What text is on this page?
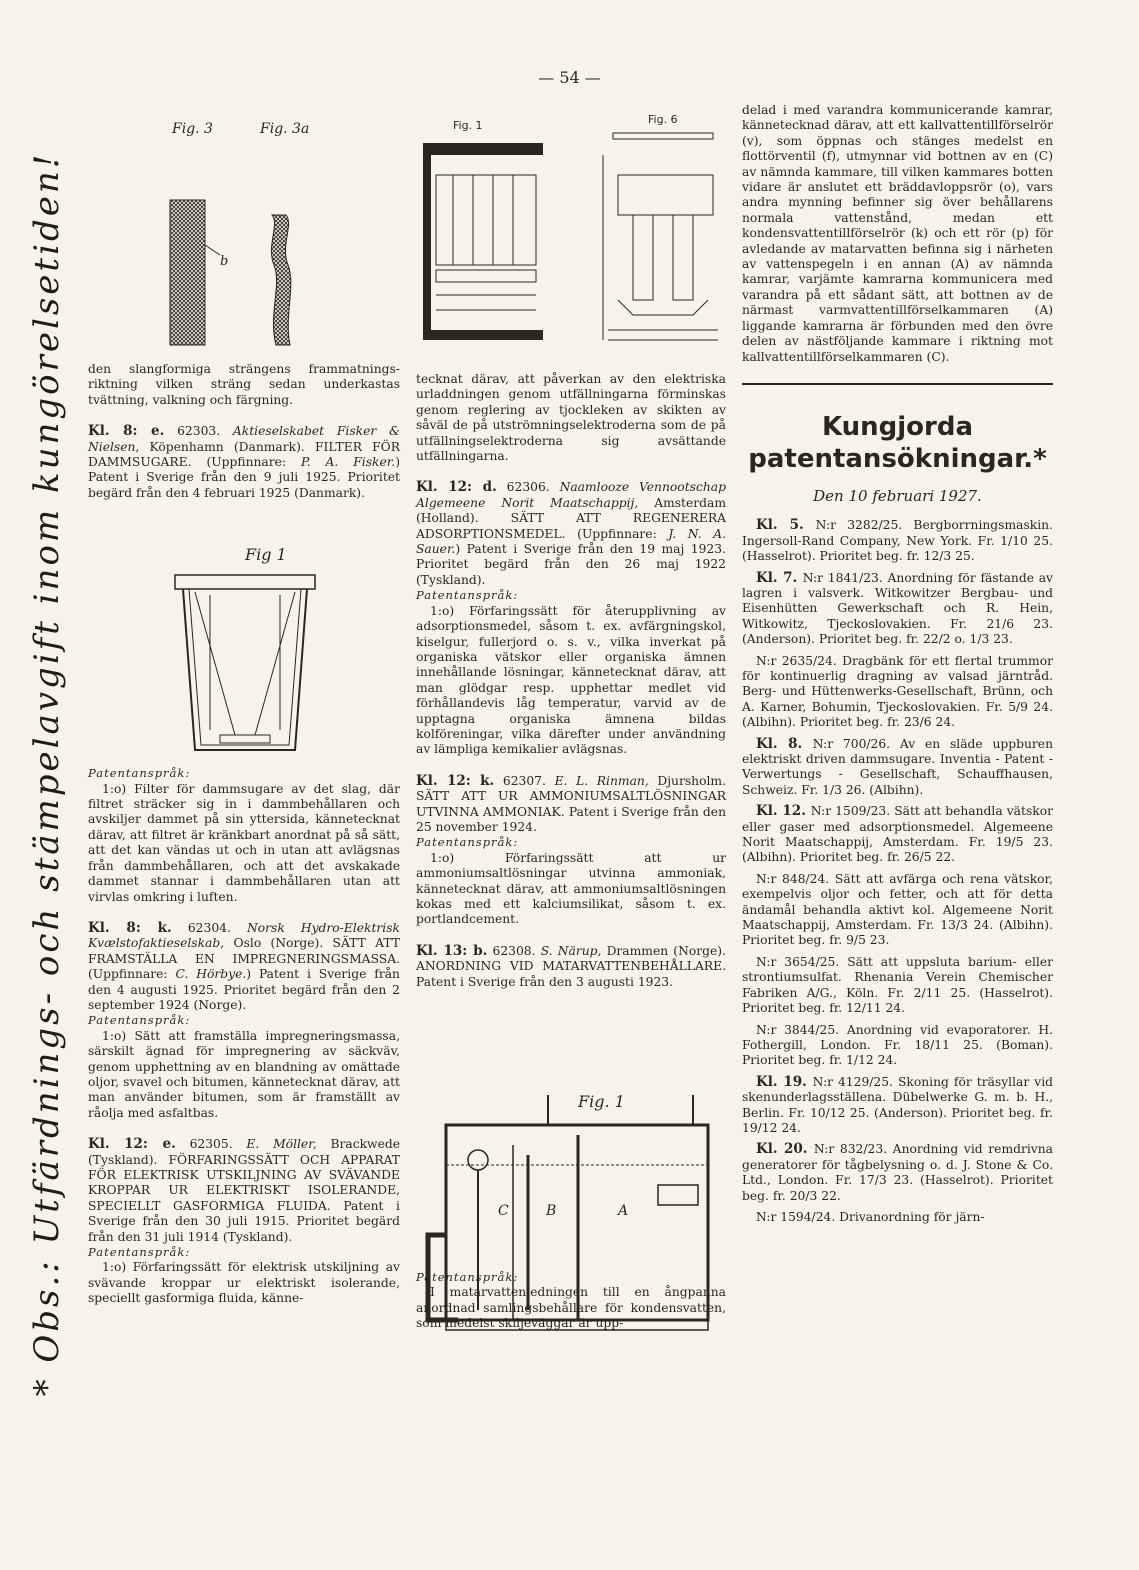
— 54 —
* Obs.: Utfärdnings- och stämpelavgift inom kungörelsetiden!
Fig. 3	Fig. 3a
b
Fig 1
Fig. 1	Fig. 6
Fig. 1
C	B	A

den slangformiga strängens frammatnings-riktning vilken sträng sedan underkastas tvättning, valkning och färgning.

Kl. 8: e. 62303. Aktieselskabet Fisker & Nielsen, Köpenhamn (Danmark). FILTER FÖR DAMMSUGARE. (Uppfinnare: P. A. Fisker.) Patent i Sverige från den 9 juli 1925. Prioritet begärd från den 4 februari 1925 (Danmark).

Patentanspråk:

1:o) Filter för dammsugare av det slag, där filtret sträcker sig in i dammbehållaren och avskiljer dammet på sin yttersida, kännetecknat därav, att filtret är kränkbart anordnat på så sätt, att det kan vändas ut och in utan att avlägsnas från dammbehållaren, och att det avskakade dammet stannar i dammbehållaren utan att virvlas omkring i luften.

Kl. 8: k. 62304. Norsk Hydro-Elektrisk Kvælstofaktieselskab, Oslo (Norge). SÄTT ATT FRAMSTÄLLA EN IMPREGNERINGSMASSA. (Uppfinnare: C. Hörbye.) Patent i Sverige från den 4 augusti 1925. Prioritet begärd från den 2 september 1924 (Norge).

Patentanspråk:

1:o) Sätt att framställa impregneringsmassa, särskilt ägnad för impregnering av säckväv, genom upphettning av en blandning av omättade oljor, svavel och bitumen, kännetecknat därav, att man använder bitumen, som är framställt av råolja med asfaltbas.

Kl. 12: e. 62305. E. Möller, Brackwede (Tyskland). FÖRFARINGSSÄTT OCH APPARAT FÖR ELEKTRISK UTSKILJNING AV SVÄVANDE KROPPAR UR ELEKTRISKT ISOLERANDE, SPECIELLT GASFORMIGA FLUIDA. Patent i Sverige från den 30 juli 1915. Prioritet begärd från den 31 juli 1914 (Tyskland).

Patentanspråk:

1:o) Förfaringssätt för elektrisk utskiljning av svävande kroppar ur elektriskt isolerande, speciellt gasformiga fluida, känne-

tecknat därav, att påverkan av den elektriska urladdningen genom utfällningarna förminskas genom reglering av tjockleken av skikten av såväl de på utströmningselektroderna som de på utfällningselektroderna sig avsättande utfällningarna.

Kl. 12: d. 62306. Naamlooze Vennootschap Algemeene Norit Maatschappij, Amsterdam (Holland). SÄTT ATT REGENERERA ADSORPTIONSMEDEL. (Uppfinnare: J. N. A. Sauer.) Patent i Sverige från den 19 maj 1923. Prioritet begärd från den 26 maj 1922 (Tyskland).

Patentanspråk:

1:o) Förfaringssätt för återupplivning av adsorptionsmedel, såsom t. ex. avfärgningskol, kiselgur, fullerjord o. s. v., vilka inverkat på organiska vätskor eller organiska ämnen innehållande lösningar, kännetecknat därav, att man glödgar resp. upphettar medlet vid förhållandevis låg temperatur, varvid av de upptagna organiska ämnena bildas kolföreningar, vilka därefter under användning av lämpliga kemikalier avlägsnas.

Kl. 12: k. 62307. E. L. Rinman, Djursholm. SÄTT ATT UR AMMONIUMSALTLÖSNINGAR UTVINNA AMMONIAK. Patent i Sverige från den 25 november 1924.

Patentanspråk:

1:o) Förfaringssätt att ur ammoniumsaltlösningar utvinna ammoniak, kännetecknat därav, att ammoniumsaltlösningen kokas med ett kalciumsilikat, såsom t. ex. portlandcement.

Kl. 13: b. 62308. S. Närup, Drammen (Norge). ANORDNING VID MATARVATTENBEHÅLLARE. Patent i Sverige från den 3 augusti 1923.

Patentanspråk:

I matarvattenledningen till en ångpanna anordnad samlingsbehållare för kondensvatten, som medelst skiljeväggar är upp-

delad i med varandra kommunicerande kamrar, kännetecknad därav, att ett kallvattentillförselrör (v), som öppnas och stänges medelst en flottörventil (f), utmynnar vid bottnen av en (C) av nämnda kammare, till vilken kammares botten vidare är anslutet ett bräddavloppsrör (o), vars andra mynning befinner sig över behållarens normala vattenstånd, medan ett kondensvattentillförselrör (k) och ett rör (p) för avledande av matarvatten befinna sig i närheten av vattenspegeln i en annan (A) av nämnda kamrar, varjämte kamrarna kommunicera med varandra på ett sådant sätt, att bottnen av de närmast varmvattentillförselkammaren (A) liggande kamrarna är förbunden med den övre delen av nästföljande kammare i riktning mot kallvattentillförselkammaren (C).

Kungjorda patentansökningar.*

Den 10 februari 1927.

Kl. 5. N:r 3282/25. Bergborrningsmaskin. Ingersoll-Rand Company, New York. Fr. 1/10 25. (Hasselrot). Prioritet beg. fr. 12/3 25.

Kl. 7. N:r 1841/23. Anordning för fästande av lagren i valsverk. Witkowitzer Bergbau- und Eisenhütten Gewerkschaft och R. Hein, Witkowitz, Tjeckoslovakien. Fr. 21/6 23. (Anderson). Prioritet beg. fr. 22/2 o. 1/3 23.

N:r 2635/24. Dragbänk för ett flertal trummor för kontinuerlig dragning av valsad järntråd. Berg- und Hüttenwerks-Gesellschaft, Brünn, och A. Karner, Bohumin, Tjeckoslovakien. Fr. 5/9 24. (Albihn). Prioritet beg. fr. 23/6 24.

Kl. 8. N:r 700/26. Av en släde uppburen elektriskt driven dammsugare. Inventia - Patent - Verwertungs - Gesellschaft, Schauffhausen, Schweiz. Fr. 1/3 26. (Albihn).

Kl. 12. N:r 1509/23. Sätt att behandla vätskor eller gaser med adsorptionsmedel. Algemeene Norit Maatschappij, Amsterdam. Fr. 19/5 23. (Albihn). Prioritet beg. fr. 26/5 22.

N:r 848/24. Sätt att avfärga och rena vätskor, exempelvis oljor och fetter, och att för detta ändamål behandla aktivt kol. Algemeene Norit Maatschappij, Amsterdam. Fr. 13/3 24. (Albihn). Prioritet beg. fr. 9/5 23.

N:r 3654/25. Sätt att uppsluta barium- eller strontiumsulfat. Rhenania Verein Chemischer Fabriken A/G., Köln. Fr. 2/11 25. (Hasselrot). Prioritet beg. fr. 12/11 24.

N:r 3844/25. Anordning vid evaporatorer. H. Fothergill, London. Fr. 18/11 25. (Boman). Prioritet beg. fr. 1/12 24.

Kl. 19. N:r 4129/25. Skoning för träsyllar vid skenunderlagsställena. Dübelwerke G. m. b. H., Berlin. Fr. 10/12 25. (Anderson). Prioritet beg. fr. 19/12 24.

Kl. 20. N:r 832/23. Anordning vid remdrivna generatorer för tågbelysning o. d. J. Stone & Co. Ltd., London. Fr. 17/3 23. (Hasselrot). Prioritet beg. fr. 20/3 22.

N:r 1594/24. Drivanordning för järn-
